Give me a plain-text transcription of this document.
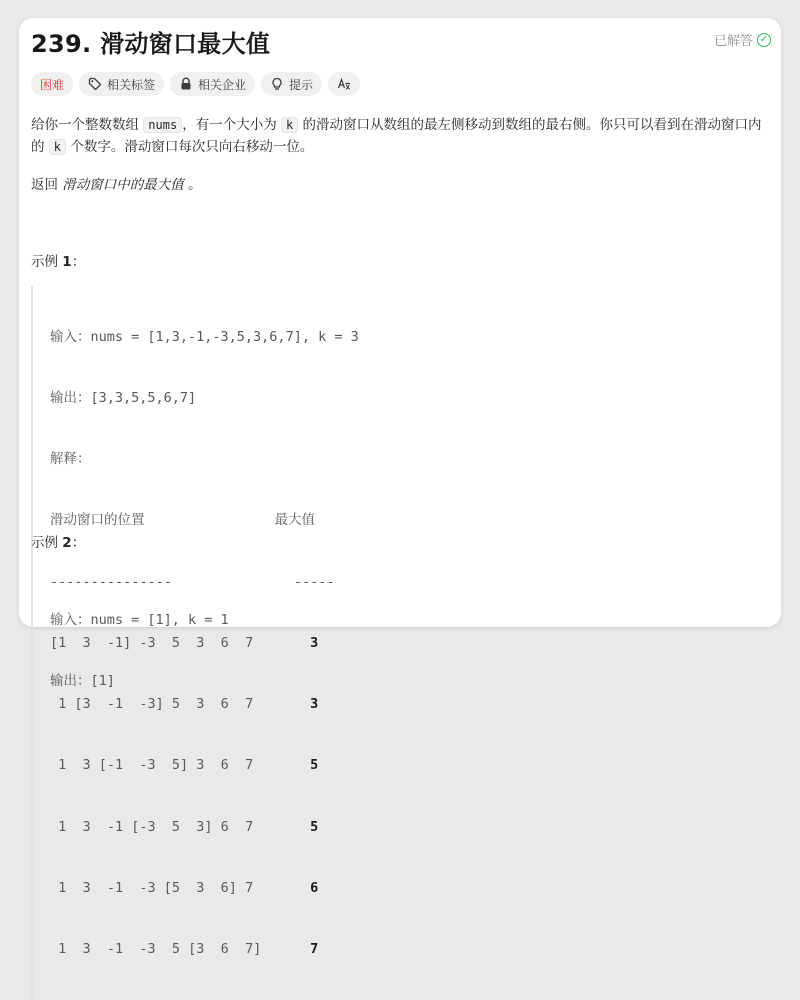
239. 滑动窗口最大值	已解答 ✓
困难	相关标签	相关企业	提示

给你一个整数数组 nums ，有一个大小为 k 的滑动窗口从数组的最左侧移动到数组的最右侧。你只可以看到在滑动窗口内的 k 个数字。滑动窗口每次只向右移动一位。

返回 滑动窗口中的最大值 。

示例 1：

输入：nums = [1,3,-1,-3,5,3,6,7], k = 3

输出：[3,3,5,5,6,7]

解释：

滑动窗口的位置                最大值

---------------               -----

[1  3  -1] -3  5  3  6  7       3

1 [3  -1  -3] 5  3  6  7       3

1  3 [-1  -3  5] 3  6  7       5

1  3  -1 [-3  5  3] 6  7       5

1  3  -1  -3 [5  3  6] 7       6

1  3  -1  -3  5 [3  6  7]      7

示例 2：

输入：nums = [1], k = 1

输出：[1]
